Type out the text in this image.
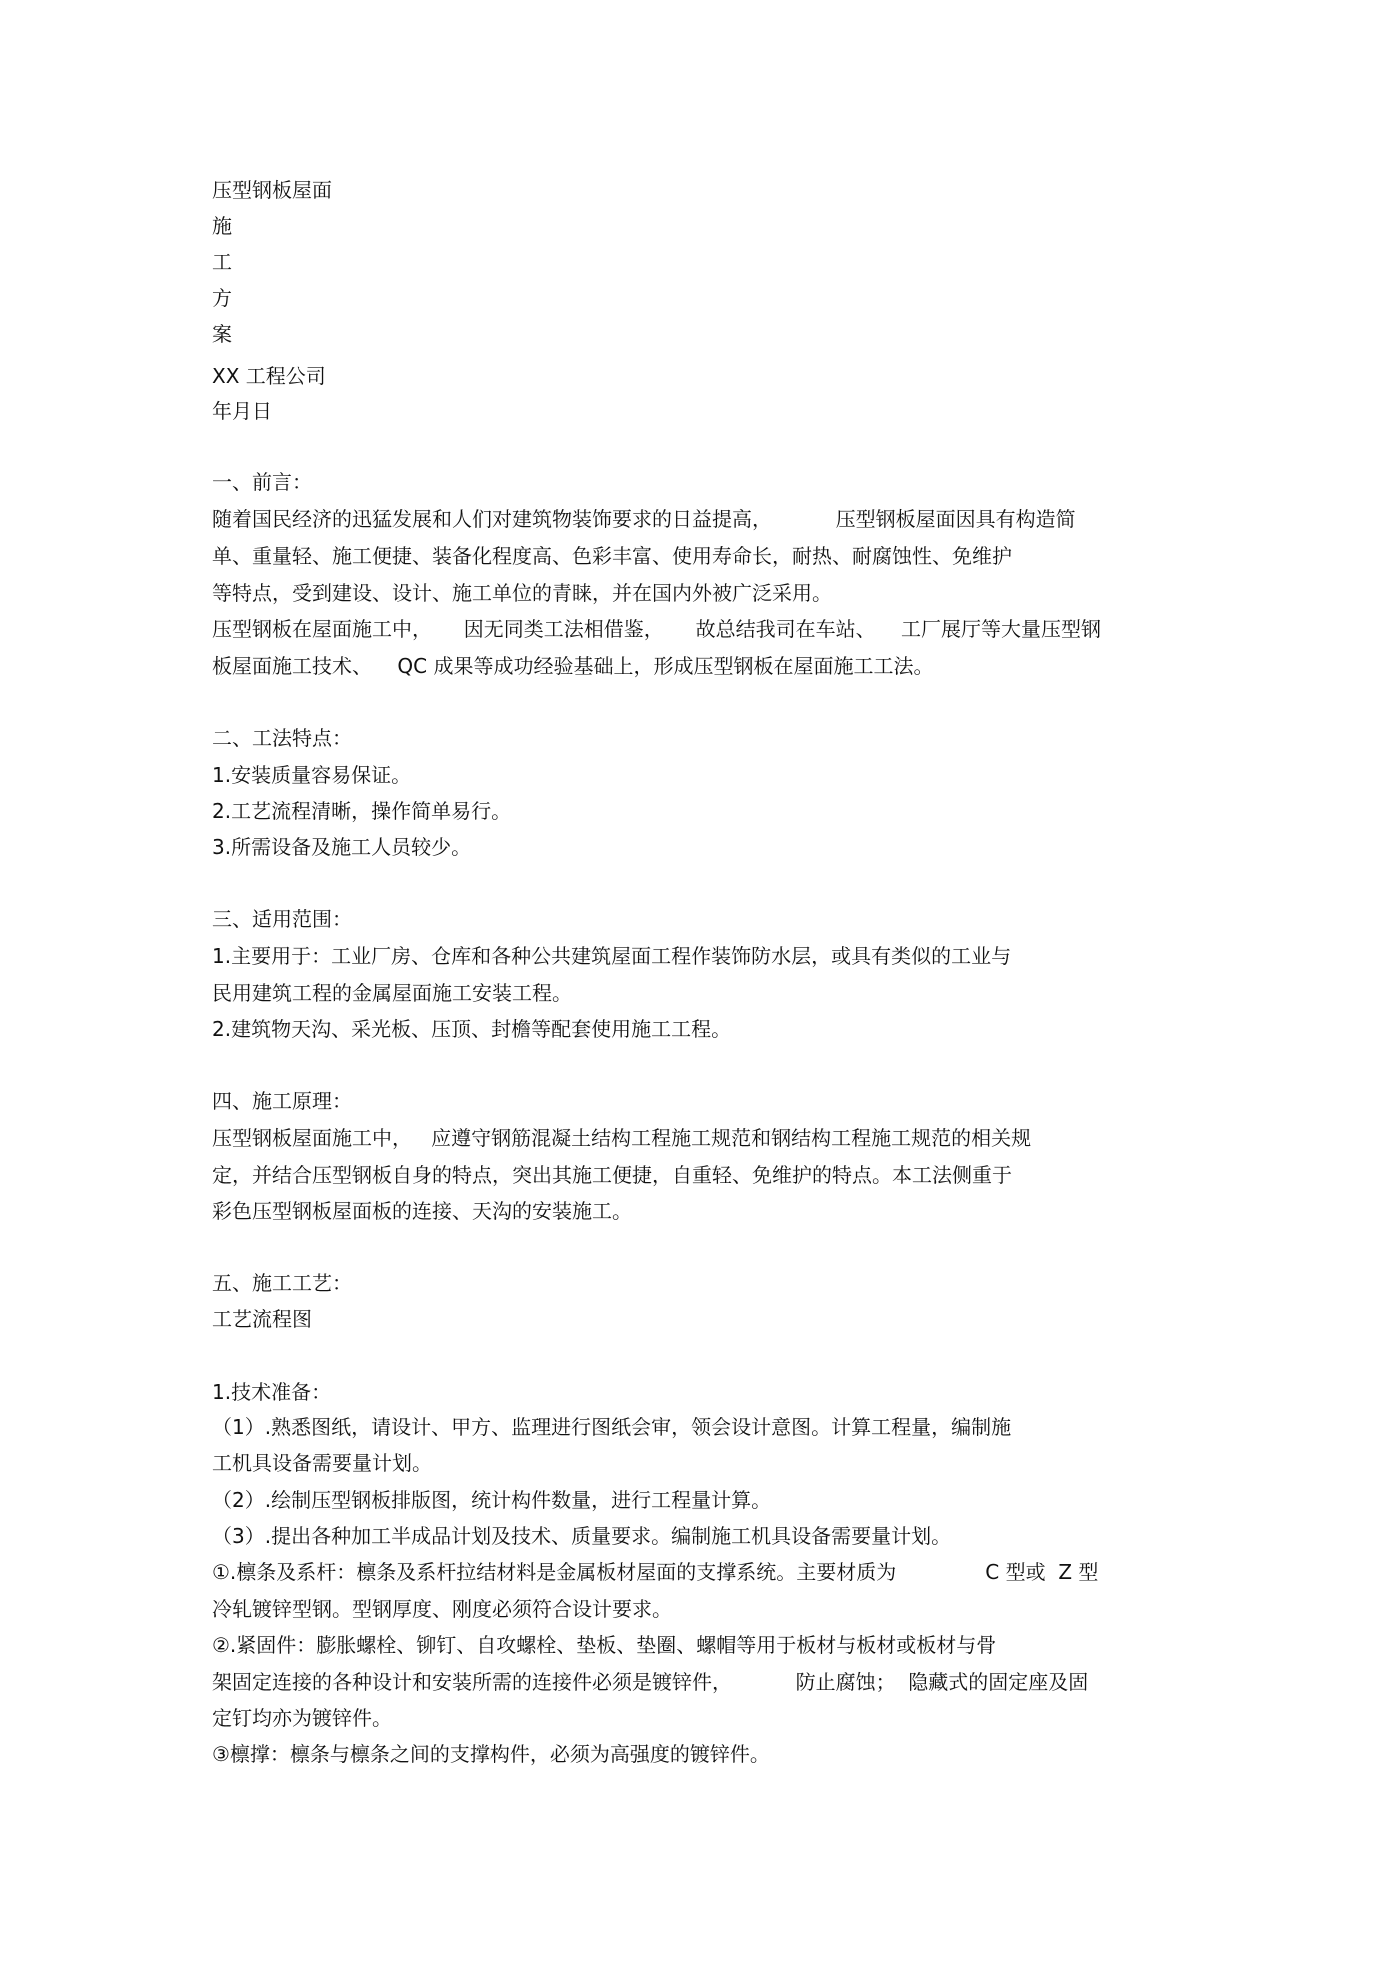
压型钢板屋面

施

工

方

案

XX 工程公司

年月日

一、前言：

随着国民经济的迅猛发展和人们对建筑物装饰要求的日益提高，          压型钢板屋面因具有构造简

单、重量轻、施工便捷、装备化程度高、色彩丰富、使用寿命长，耐热、耐腐蚀性、免维护

等特点，受到建设、设计、施工单位的青睐，并在国内外被广泛采用。

压型钢板在屋面施工中，     因无同类工法相借鉴，     故总结我司在车站、    工厂展厅等大量压型钢

板屋面施工技术、    QC 成果等成功经验基础上，形成压型钢板在屋面施工工法。

二、工法特点：

1.安装质量容易保证。

2.工艺流程清晰，操作简单易行。

3.所需设备及施工人员较少。

三、适用范围：

1.主要用于：工业厂房、仓库和各种公共建筑屋面工程作装饰防水层，或具有类似的工业与

民用建筑工程的金属屋面施工安装工程。

2.建筑物天沟、采光板、压顶、封檐等配套使用施工工程。

四、施工原理：

压型钢板屋面施工中，   应遵守钢筋混凝土结构工程施工规范和钢结构工程施工规范的相关规

定，并结合压型钢板自身的特点，突出其施工便捷，自重轻、免维护的特点。本工法侧重于

彩色压型钢板屋面板的连接、天沟的安装施工。

五、施工工艺：

工艺流程图

1.技术准备：

（1）.熟悉图纸，请设计、甲方、监理进行图纸会审，领会设计意图。计算工程量，编制施

工机具设备需要量计划。

（2）.绘制压型钢板排版图，统计构件数量，进行工程量计算。

（3）.提出各种加工半成品计划及技术、质量要求。编制施工机具设备需要量计划。

①.檩条及系杆：檩条及系杆拉结材料是金属板材屋面的支撑系统。主要材质为              C 型或  Z 型

冷轧镀锌型钢。型钢厚度、刚度必须符合设计要求。

②.紧固件：膨胀螺栓、铆钉、自攻螺栓、垫板、垫圈、螺帽等用于板材与板材或板材与骨

架固定连接的各种设计和安装所需的连接件必须是镀锌件，          防止腐蚀；  隐藏式的固定座及固

定钉均亦为镀锌件。

③檩撑：檩条与檩条之间的支撑构件，必须为高强度的镀锌件。
